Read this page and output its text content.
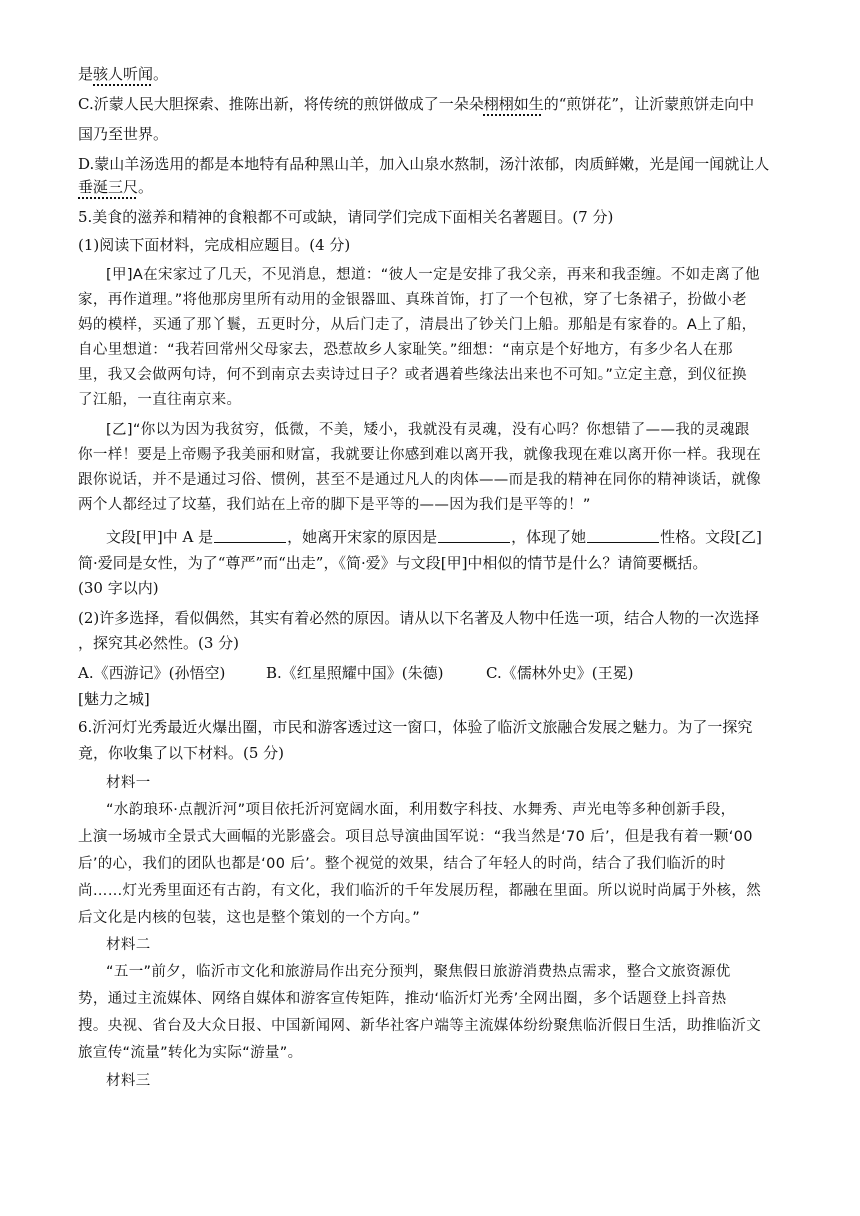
是骇人听闻。
C.沂蒙人民大胆探索、推陈出新，将传统的煎饼做成了一朵朵栩栩如生的“煎饼花”，让沂蒙煎饼走向中
国乃至世界。
D.蒙山羊汤选用的都是本地特有品种黑山羊，加入山泉水熬制，汤汁浓郁，肉质鲜嫩，光是闻一闻就让人
垂涎三尺。
5.美食的滋养和精神的食粮都不可或缺，请同学们完成下面相关名著题目。(7 分)
(1)阅读下面材料，完成相应题目。(4 分)
[甲]A在宋家过了几天，不见消息，想道：“彼人一定是安排了我父亲，再来和我歪缠。不如走离了他
家，再作道理。”将他那房里所有动用的金银器皿、真珠首饰，打了一个包袱，穿了七条裙子，扮做小老
妈的模样，买通了那丫鬟，五更时分，从后门走了，清晨出了钞关门上船。那船是有家眷的。A上了船，
自心里想道：“我若回常州父母家去，恐惹故乡人家耻笑。”细想：“南京是个好地方，有多少名人在那
里，我又会做两句诗，何不到南京去卖诗过日子？或者遇着些缘法出来也不可知。”立定主意，到仪征换
了江船，一直往南京来。
[乙]“你以为因为我贫穷，低微，不美，矮小，我就没有灵魂，没有心吗？你想错了——我的灵魂跟
你一样！要是上帝赐予我美丽和财富，我就要让你感到难以离开我，就像我现在难以离开你一样。我现在
跟你说话，并不是通过习俗、惯例，甚至不是通过凡人的肉体——而是我的精神在同你的精神谈话，就像
两个人都经过了坟墓，我们站在上帝的脚下是平等的——因为我们是平等的！”
文段[甲]中 A 是	，她离开宋家的原因是	，体现了她	性格。文段[乙]
简·爱同是女性，为了“尊严”而“出走”，《简·爱》与文段[甲]中相似的情节是什么？请简要概括。
(30 字以内)
(2)许多选择，看似偶然，其实有着必然的原因。请从以下名著及人物中任选一项，结合人物的一次选择
，探究其必然性。(3 分)
A.《西游记》(孙悟空)	B.《红星照耀中国》(朱德)	C.《儒林外史》(王冕)
[魅力之城]
6.沂河灯光秀最近火爆出圈，市民和游客透过这一窗口，体验了临沂文旅融合发展之魅力。为了一探究
竟，你收集了以下材料。(5 分)
材料一
“水韵琅环·点靓沂河”项目依托沂河宽阔水面，利用数字科技、水舞秀、声光电等多种创新手段，
上演一场城市全景式大画幅的光影盛会。项目总导演曲国军说：“我当然是‘70 后’，但是我有着一颗‘00
后’的心，我们的团队也都是‘00 后’。整个视觉的效果，结合了年轻人的时尚，结合了我们临沂的时
尚……灯光秀里面还有古韵，有文化，我们临沂的千年发展历程，都融在里面。所以说时尚属于外核，然
后文化是内核的包装，这也是整个策划的一个方向。”
材料二
“五一”前夕，临沂市文化和旅游局作出充分预判，聚焦假日旅游消费热点需求，整合文旅资源优
势，通过主流媒体、网络自媒体和游客宣传矩阵，推动‘临沂灯光秀’全网出圈，多个话题登上抖音热
搜。央视、省台及大众日报、中国新闻网、新华社客户端等主流媒体纷纷聚焦临沂假日生活，助推临沂文
旅宣传“流量”转化为实际“游量”。
材料三
